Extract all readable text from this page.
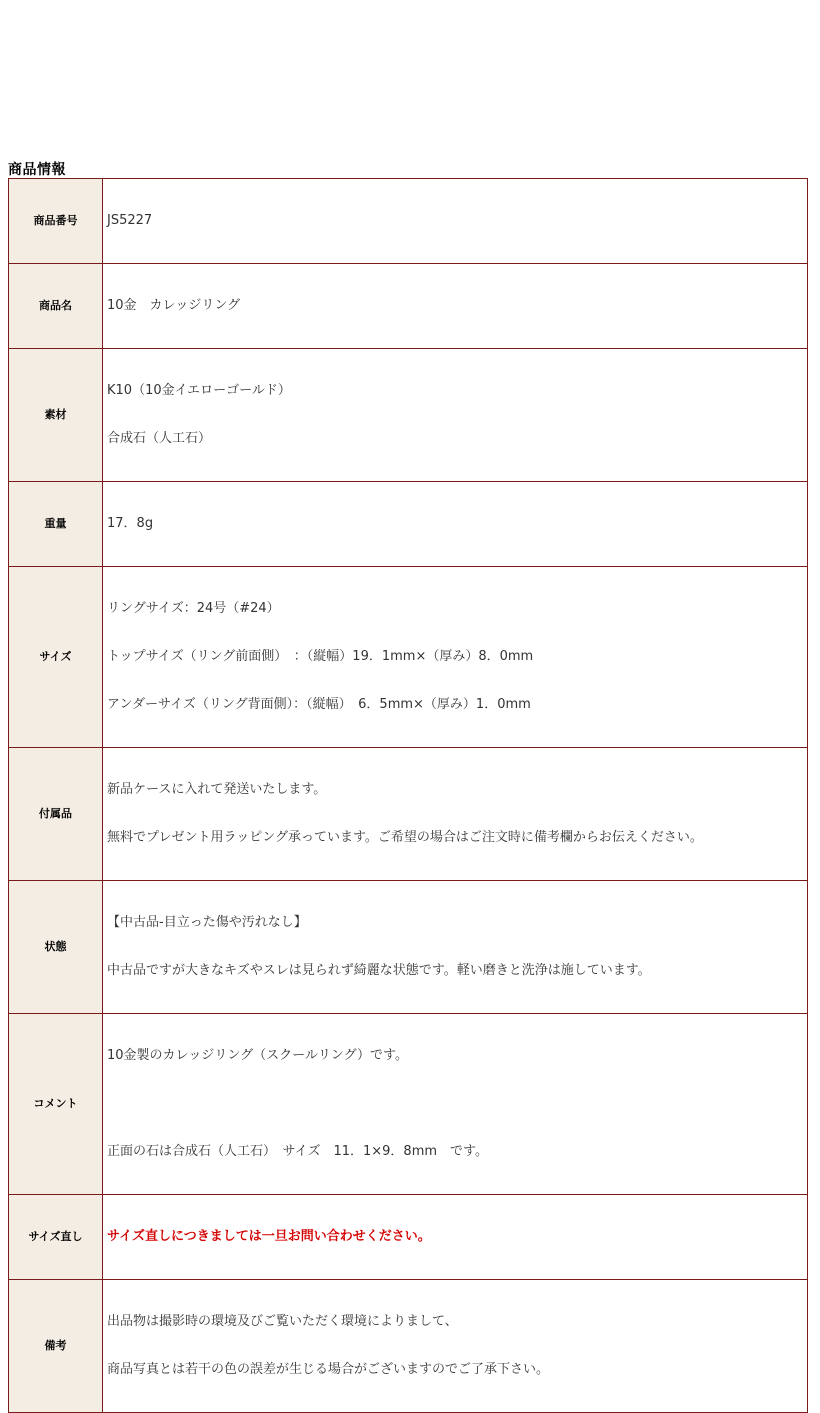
商品情報
商品番号	JS5227

商品名	10金　カレッジリング

素材	K10（10金イエローゴールド）

合成石（人工石）

重量	17．8g

サイズ	リングサイズ：24号（#24）

トップサイズ（リング前面側）　：（縦幅）19．1mm×（厚み）8．0mm

アンダーサイズ（リング背面側）：（縦幅）　6．5mm×（厚み）1．0mm

付属品	新品ケースに入れて発送いたします。

無料でプレゼント用ラッピング承っています。ご希望の場合はご注文時に備考欄からお伝えください。

状態	【中古品-目立った傷や汚れなし】

中古品ですが大きなキズやスレは見られず綺麗な状態です。軽い磨きと洗浄は施しています。

コメント	10金製のカレッジリング（スクールリング）です。

正面の石は合成石（人工石）　サイズ　11．1×9．8mm　です。

サイズ直し	サイズ直しにつきましては一旦お問い合わせください。

備考	出品物は撮影時の環境及びご覧いただく環境によりまして、

商品写真とは若干の色の誤差が生じる場合がございますのでご了承下さい。
